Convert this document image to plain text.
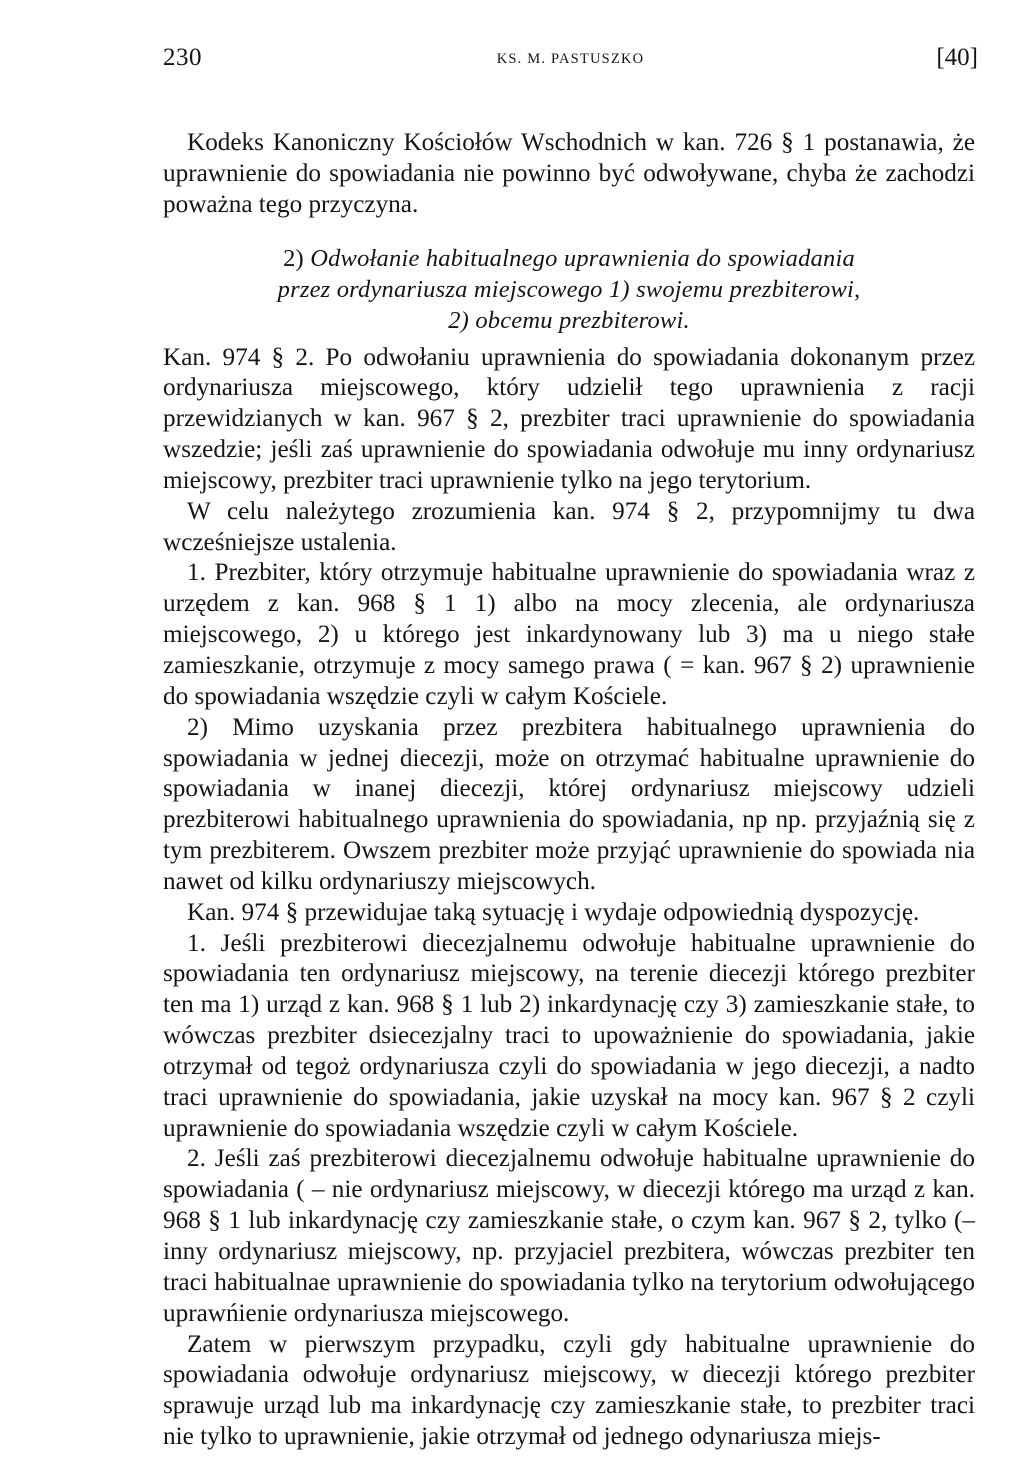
230	KS. M. PASTUSZKO	[40]

Kodeks Kanoniczny Kościołów Wschodnich w kan. 726 § 1 postanawia, że uprawnienie do spowiadania nie powinno być odwoływane, chyba że zachodzi poważna tego przyczyna.

2) Odwołanie habitualnego uprawnienia do spowiadania
przez ordynariusza miejscowego 1) swojemu prezbiterowi,
2) obcemu prezbiterowi.

Kan. 974 § 2. Po odwołaniu uprawnienia do spowiadania dokonanym przez ordynariusza miejscowego, który udzielił tego uprawnienia z racji przewidzianych w kan. 967 § 2, prezbiter traci uprawnienie do spowiadania wszedzie; jeśli zaś uprawnienie do spowiadania odwołuje mu inny ordynariusz miejscowy, prezbiter traci uprawnienie tylko na jego terytorium.

W celu należytego zrozumienia kan. 974 § 2, przypomnijmy tu dwa wcześniejsze ustalenia.

1. Prezbiter, który otrzymuje habitualne uprawnienie do spowiadania wraz z urzędem z kan. 968 § 1 1) albo na mocy zlecenia, ale ordynariusza miejscowego, 2) u którego jest inkardynowany lub 3) ma u niego stałe zamieszkanie, otrzymuje z mocy samego prawa ( = kan. 967 § 2) uprawnienie do spowiadania wszędzie czyli w całym Kościele.

2) Mimo uzyskania przez prezbitera habitualnego uprawnienia do spowiadania w jednej diecezji, może on otrzymać habitualne uprawnienie do spowiadania w inanej diecezji, której ordynariusz miejscowy udzieli prezbiterowi habitualnego uprawnienia do spowiadania, np np. przyjaźnią się z tym prezbiterem. Owszem prezbiter może przyjąć uprawnienie do spowiada nia nawet od kilku ordynariuszy miejscowych.

Kan. 974 § przewidujae taką sytuację i wydaje odpowiednią dyspozycję.

1. Jeśli prezbiterowi diecezjalnemu odwołuje habitualne uprawnienie do spowiadania ten ordynariusz miejscowy, na terenie diecezji którego prezbiter ten ma 1) urząd z kan. 968 § 1 lub 2) inkardynację czy 3) zamieszkanie stałe, to wówczas prezbiter dsiecezjalny traci to upoważnienie do spowiadania, jakie otrzymał od tegoż ordynariusza czyli do spowiadania w jego diecezji, a nadto traci uprawnienie do spowiadania, jakie uzyskał na mocy kan. 967 § 2 czyli uprawnienie do spowiadania wszędzie czyli w całym Kościele.

2. Jeśli zaś prezbiterowi diecezjalnemu odwołuje habitualne uprawnienie do spowiadania ( – nie ordynariusz miejscowy, w diecezji którego ma urząd z kan. 968 § 1 lub inkardynację czy zamieszkanie stałe, o czym kan. 967 § 2, tylko (– inny ordynariusz miejscowy, np. przyjaciel prezbitera, wówczas prezbiter ten traci habitualnae uprawnienie do spowiadania tylko na terytorium odwołującego uprawńienie ordynariusza miejscowego.

Zatem w pierwszym przypadku, czyli gdy habitualne uprawnienie do spowiadania odwołuje ordynariusz miejscowy, w diecezji którego prezbiter sprawuje urząd lub ma inkardynację czy zamieszkanie stałe, to prezbiter traci nie tylko to uprawnienie, jakie otrzymał od jednego odynariusza miejs-
